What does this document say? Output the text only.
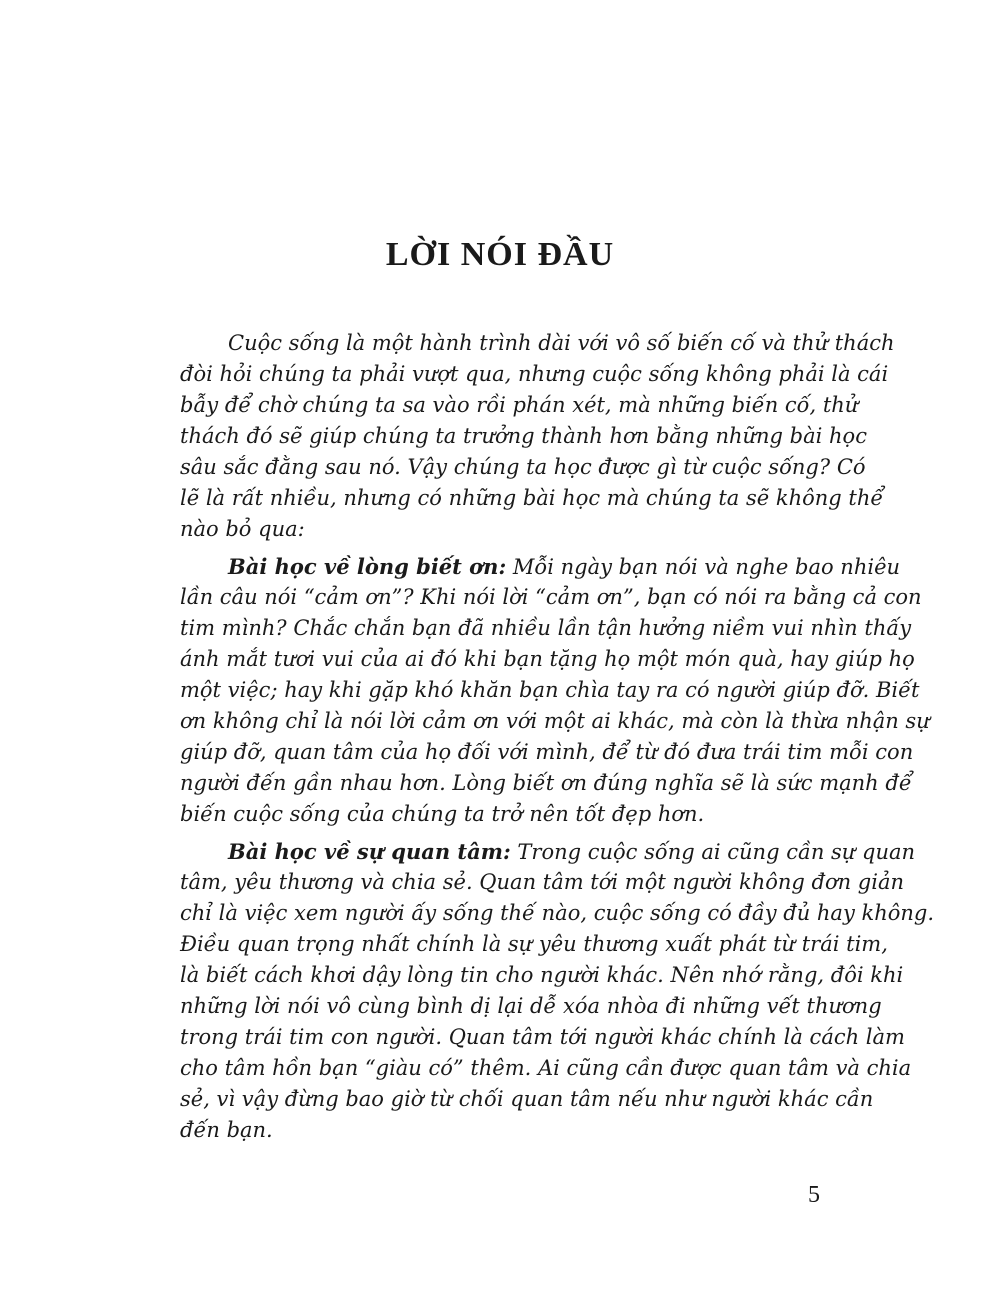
LỜI NÓI ĐẦU
Cuộc sống là một hành trình dài với vô số biến cố và thử thách
đòi hỏi chúng ta phải vượt qua, nhưng cuộc sống không phải là cái
bẫy để chờ chúng ta sa vào rồi phán xét, mà những biến cố, thử
thách đó sẽ giúp chúng ta trưởng thành hơn bằng những bài học
sâu sắc đằng sau nó. Vậy chúng ta học được gì từ cuộc sống? Có
lẽ là rất nhiều, nhưng có những bài học mà chúng ta sẽ không thể
nào bỏ qua:
Bài học về lòng biết ơn: Mỗi ngày bạn nói và nghe bao nhiêu
lần câu nói “cảm ơn”? Khi nói lời “cảm ơn”, bạn có nói ra bằng cả con
tim mình? Chắc chắn bạn đã nhiều lần tận hưởng niềm vui nhìn thấy
ánh mắt tươi vui của ai đó khi bạn tặng họ một món quà, hay giúp họ
một việc; hay khi gặp khó khăn bạn chìa tay ra có người giúp đỡ. Biết
ơn không chỉ là nói lời cảm ơn với một ai khác, mà còn là thừa nhận sự
giúp đỡ, quan tâm của họ đối với mình, để từ đó đưa trái tim mỗi con
người đến gần nhau hơn. Lòng biết ơn đúng nghĩa sẽ là sức mạnh để
biến cuộc sống của chúng ta trở nên tốt đẹp hơn.
Bài học về sự quan tâm: Trong cuộc sống ai cũng cần sự quan
tâm, yêu thương và chia sẻ. Quan tâm tới một người không đơn giản
chỉ là việc xem người ấy sống thế nào, cuộc sống có đầy đủ hay không.
Điều quan trọng nhất chính là sự yêu thương xuất phát từ trái tim,
là biết cách khơi dậy lòng tin cho người khác. Nên nhớ rằng, đôi khi
những lời nói vô cùng bình dị lại dễ xóa nhòa đi những vết thương
trong trái tim con người. Quan tâm tới người khác chính là cách làm
cho tâm hồn bạn “giàu có” thêm. Ai cũng cần được quan tâm và chia
sẻ, vì vậy đừng bao giờ từ chối quan tâm nếu như người khác cần
đến bạn.
5
